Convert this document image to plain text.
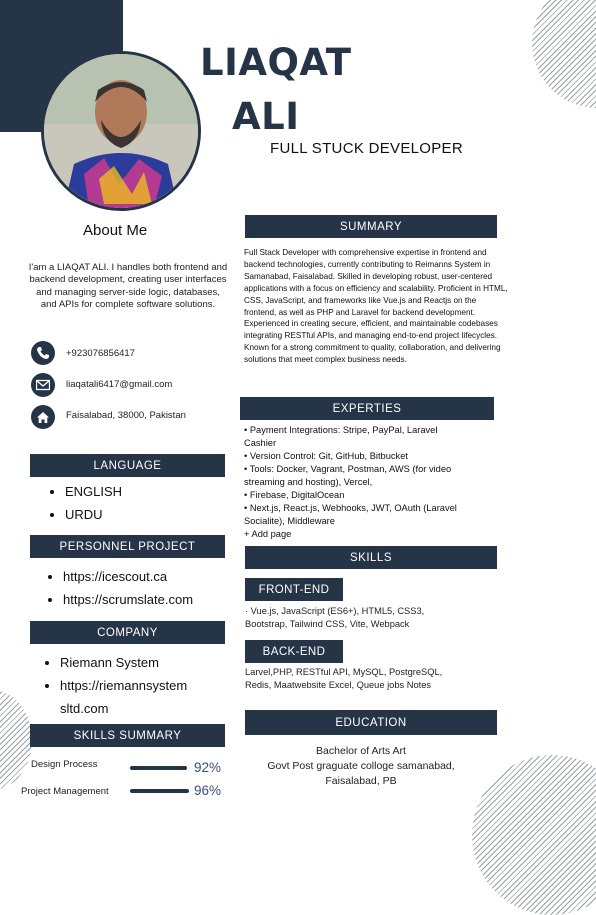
LIAQAT
ALI
FULL STUCK DEVELOPER
About Me
I'am a LIAQAT ALI. I handles both frontend and backend development, creating user interfaces and managing server-side logic, databases, and APIs for complete software solutions.
+923076856417
liaqatali6417@gmail.com
Faisalabad, 38000, Pakistan
LANGUAGE
• ENGLISH
• URDU
PERSONNEL PROJECT
• https://icescout.ca
• https://scrumslate.com
COMPANY
• Riemann System
• https://riemannsystem
sltd.com
SKILLS SUMMARY
Design Process	92%
Project Management	96%
SUMMARY
Full Stack Developer with comprehensive expertise in frontend and backend technologies, currently contributing to Reimanns System in Samanabad, Faisalabad. Skilled in developing robust, user-centered applications with a focus on efficiency and scalability. Proficient in HTML, CSS, JavaScript, and frameworks like Vue.js and Reactjs on the frontend, as well as PHP and Laravel for backend development. Experienced in creating secure, efficient, and maintainable codebases integrating RESTful APIs, and managing end-to-end project lifecycles. Known for a strong commitment to quality, collaboration, and delivering solutions that meet complex business needs.
EXPERTIES
• Payment Integrations: Stripe, PayPal, Laravel Cashier
• Version Control: Git, GitHub, Bitbucket
• Tools: Docker, Vagrant, Postman, AWS (for video streaming and hosting), Vercel,
• Firebase, DigitalOcean
• Next.js, React.js, Webhooks, JWT, OAuth (Laravel Socialite), Middleware
+ Add page
SKILLS
FRONT-END
· Vue.js, JavaScript (ES6+), HTML5, CSS3, Bootstrap, Tailwind CSS, Vite, Webpack
BACK-END
Larvel,PHP, RESTful API, MySQL, PostgreSQL, Redis, Maatwebsite Excel, Queue jobs Notes
EDUCATION
Bachelor of Arts Art
Govt Post graguate colloge samanabad,
Faisalabad, PB
